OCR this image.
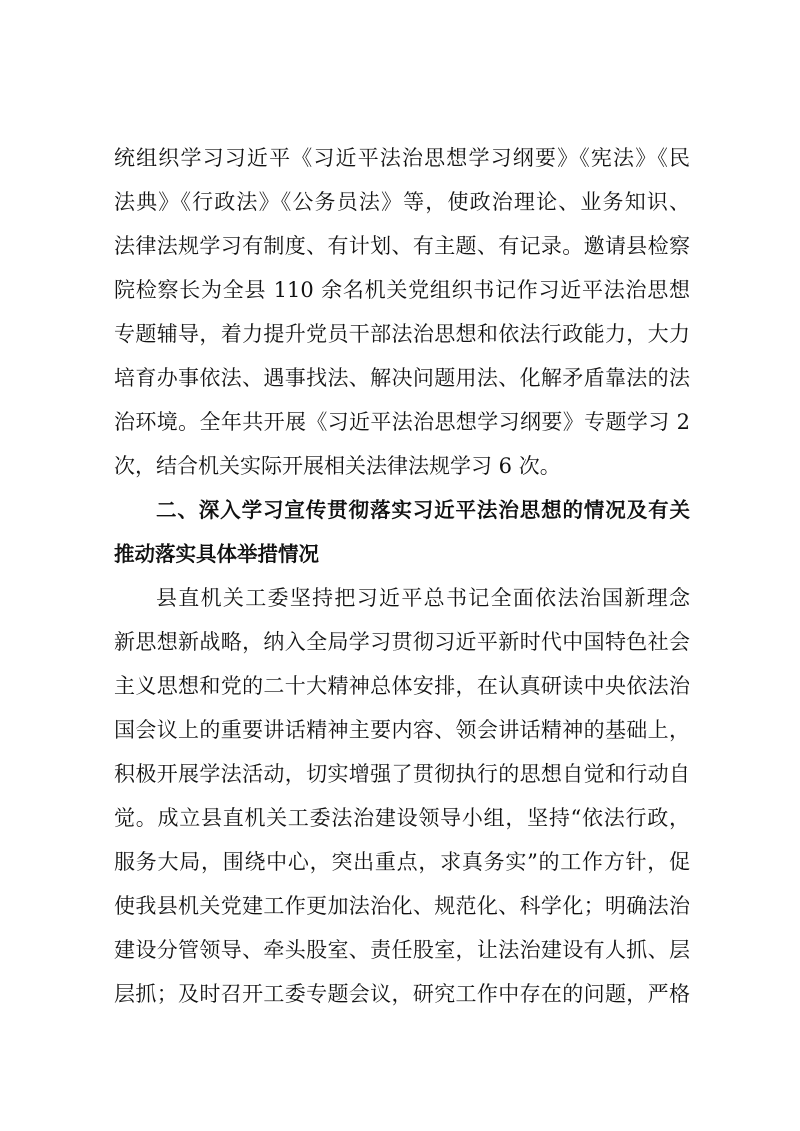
统组织学习习近平《习近平法治思想学习纲要》《宪法》《民
法典》《行政法》《公务员法》等，使政治理论、业务知识、
法律法规学习有制度、有计划、有主题、有记录。邀请县检察
院检察长为全县 110 余名机关党组织书记作习近平法治思想
专题辅导，着力提升党员干部法治思想和依法行政能力，大力
培育办事依法、遇事找法、解决问题用法、化解矛盾靠法的法
治环境。全年共开展《习近平法治思想学习纲要》专题学习 2
次，结合机关实际开展相关法律法规学习 6 次。
二、深入学习宣传贯彻落实习近平法治思想的情况及有关
推动落实具体举措情况
县直机关工委坚持把习近平总书记全面依法治国新理念
新思想新战略，纳入全局学习贯彻习近平新时代中国特色社会
主义思想和党的二十大精神总体安排，在认真研读中央依法治
国会议上的重要讲话精神主要内容、领会讲话精神的基础上，
积极开展学法活动，切实增强了贯彻执行的思想自觉和行动自
觉。成立县直机关工委法治建设领导小组，坚持“依法行政，
服务大局，围绕中心，突出重点，求真务实”的工作方针，促
使我县机关党建工作更加法治化、规范化、科学化；明确法治
建设分管领导、牵头股室、责任股室，让法治建设有人抓、层
层抓；及时召开工委专题会议，研究工作中存在的问题，严格
